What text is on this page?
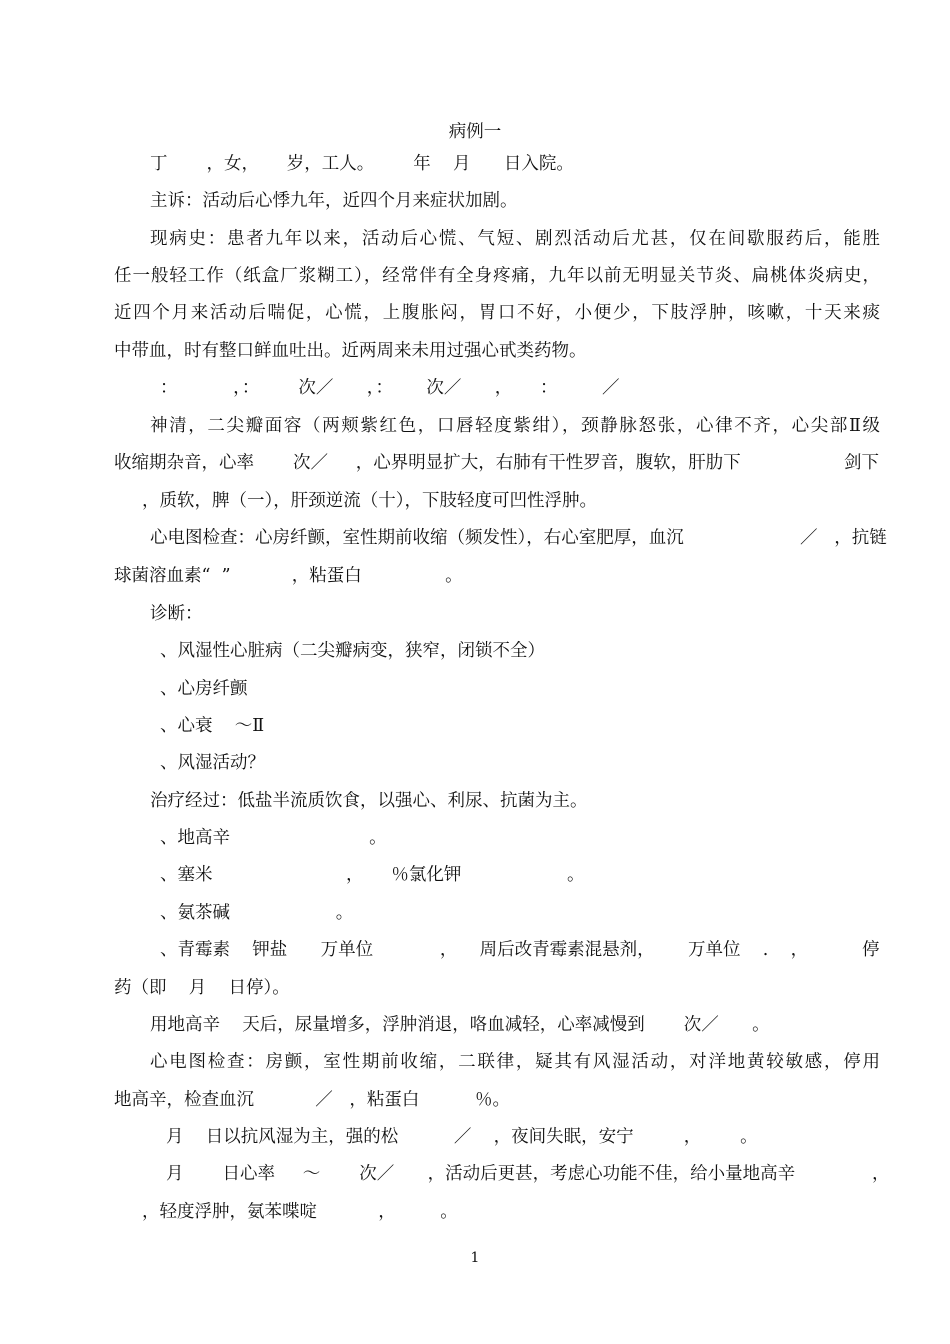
病例一
丁       ，女，     岁，工人。       年    月      日入院。
主诉：活动后心悸九年，近四个月来症状加剧。
现病史：患者九年以来，活动后心慌、气短、剧烈活动后尤甚，仅在间歇服药后，能胜
任一般轻工作（纸盒厂浆糊工），经常伴有全身疼痛，九年以前无明显关节炎、扁桃体炎病史，
近四个月来活动后喘促，心慌，上腹胀闷，胃口不好，小便少，下肢浮肿，咳嗽，十天来痰
中带血，时有整口鲜血吐出。近两周来未用过强心甙类药物。
：          ，：       次／      ，：      次／      ，     ：        ／
神清，二尖瓣面容（两颊紫红色，口唇轻度紫绀），颈静脉怒张，心律不齐，心尖部Ⅱ级
收缩期杂音，心率       次／     ，心界明显扩大，右肺有干性罗音，腹软，肝肋下	剑下
，质软，脾（一），肝颈逆流（十），下肢轻度可凹性浮肿。
心电图检查：心房纤颤，室性期前收缩（频发性），右心室肥厚，血沉	／   ，抗链
球菌溶血素“  ”           ，粘蛋白               。
诊断：
、风湿性心脏病（二尖瓣病变，狭窄，闭锁不全）
、心房纤颤
、心衰    ～Ⅱ
、风湿活动？
治疗经过：低盐半流质饮食，以强心、利尿、抗菌为主。
、地高辛                         。
、塞米                        ，     ％氯化钾                   。
、氨茶碱                   。
、青霉素    钾盐      万单位            ，    周后改青霉素混悬剂，      万单位    .    ，	停
药（即    月    日停）。
用地高辛    天后，尿量增多，浮肿消退，咯血减轻，心率减慢到       次／      。
心电图检查：房颤，室性期前收缩，二联律，疑其有风湿活动，对洋地黄较敏感，停用
地高辛，检查血沉           ／   ，粘蛋白          ％。
月    日以抗风湿为主，强的松          ／    ，夜间失眠，安宁         ，       。
月       日心率     ～       次／      ，活动后更甚，考虑心功能不佳，给小量地高辛	，
，轻度浮肿，氨苯喋啶           ，        。
1
